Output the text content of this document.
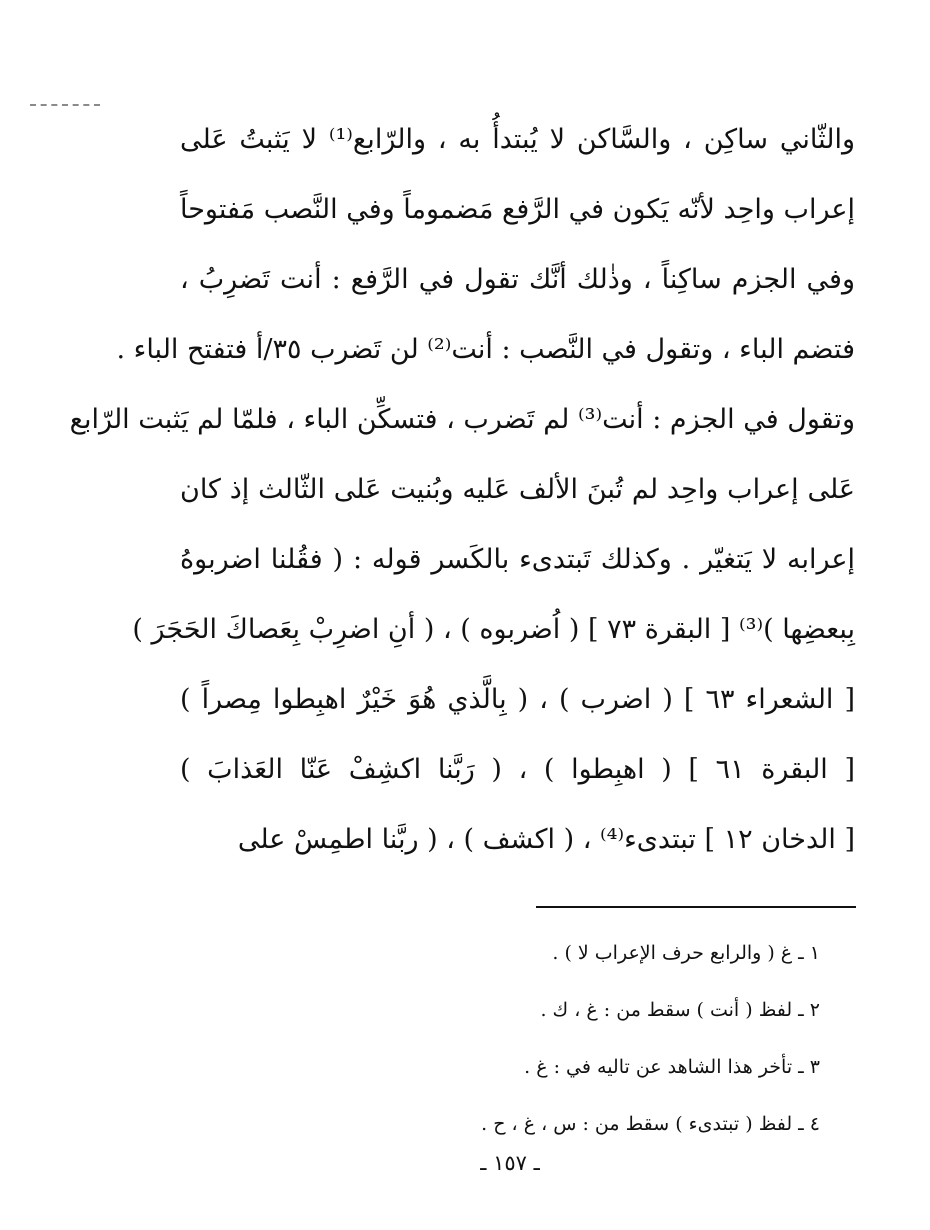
والثّاني ساكِن ، والسَّاكن لا يُبتدأُ به ، والرّابع⁽¹⁾ لا يَثبتُ عَلى
إعراب واحِد لأنّه يَكون في الرَّفع مَضموماً وفي النَّصب مَفتوحاً
وفي الجزم ساكِناً ، وذٰلك أنَّك تقول في الرَّفع : أنت تَضرِبُ ،
فتضم الباء ، وتقول في النَّصب : أنت⁽²⁾ لن تَضرب ٣٥/أ فتفتح الباء .
وتقول في الجزم : أنت⁽³⁾ لم تَضرب ، فتسكِّن الباء ، فلمّا لم يَثبت الرّابع
عَلى إعراب واحِد لم تُبنَ الألف عَليه وبُنيت عَلى الثّالث إذ كان
إعرابه لا يَتغيّر . وكذلك تَبتدىء بالكَسر قوله : ( فقُلنا اضربوهُ
بِبعضِها )⁽³⁾ [ البقرة ٧٣ ] ( اُضربوه ) ، ( أنِ اضرِبْ بِعَصاكَ الحَجَرَ )
[ الشعراء ٦٣ ] ( اضرب ) ، ( بِالَّذي هُوَ خَيْرٌ اهبِطوا مِصراً )
[ البقرة ٦١ ] ( اهبِطوا ) ، ( رَبَّنا اكشِفْ عَنّا العَذابَ )
[ الدخان ١٢ ] تبتدىء⁽⁴⁾ ، ( اكشف ) ، ( ربَّنا اطمِسْ على
١ ـ غ ( والرابع حرف الإعراب لا ) .
٢ ـ لفظ ( أنت ) سقط من : غ ، ك .
٣ ـ تأخر هذا الشاهد عن تاليه في : غ .
٤ ـ لفظ ( تبتدىء ) سقط من : س ، غ ، ح .
ـ ١٥٧ ـ
